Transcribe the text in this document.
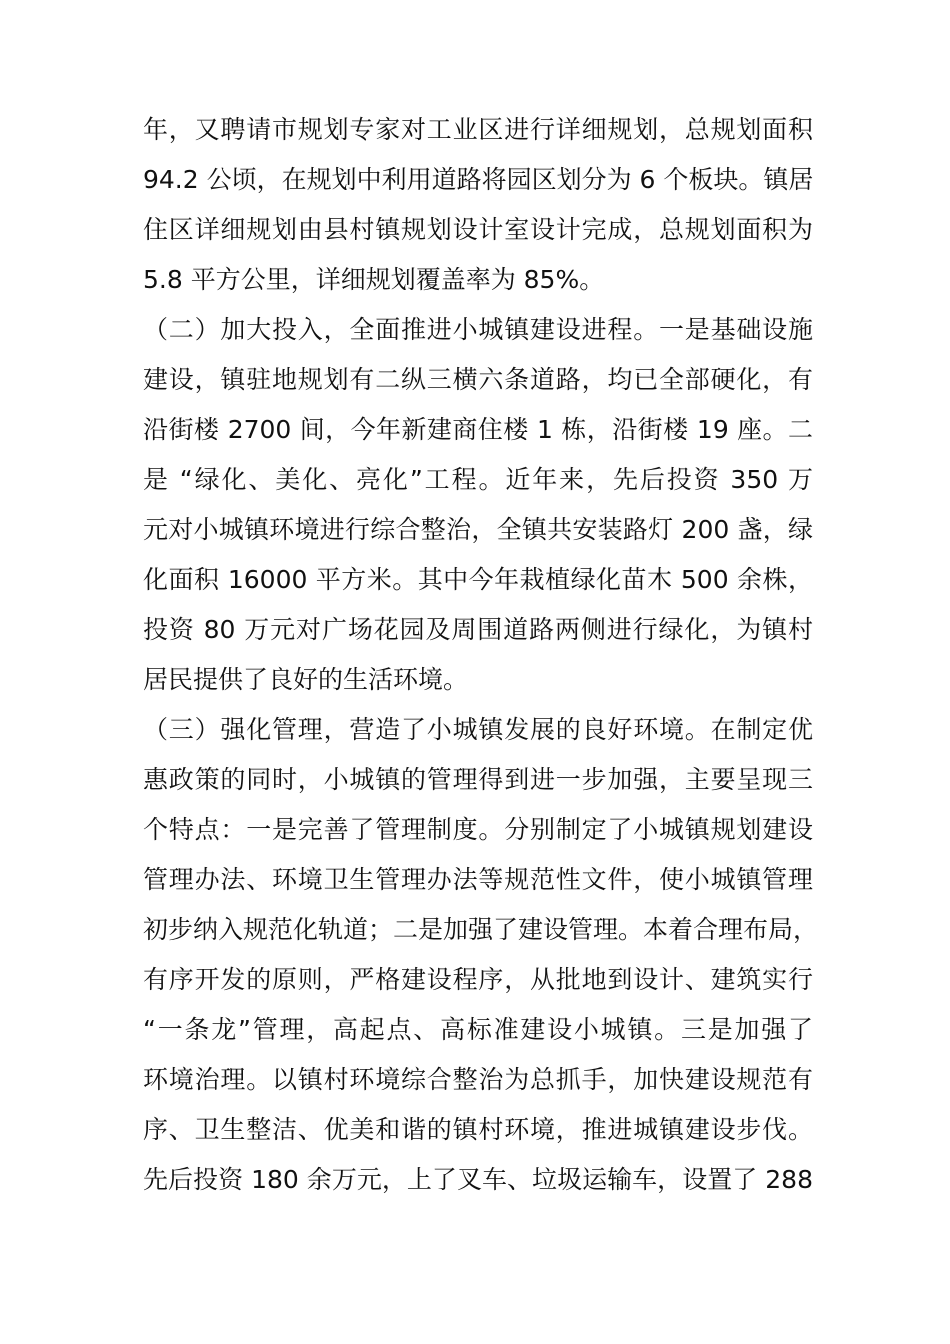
年，又聘请市规划专家对工业区进行详细规划，总规划面积
94.2 公顷，在规划中利用道路将园区划分为 6 个板块。镇居
住区详细规划由县村镇规划设计室设计完成，总规划面积为
5.8 平方公里，详细规划覆盖率为 85%。
（二）加大投入，全面推进小城镇建设进程。一是基础设施
建设，镇驻地规划有二纵三横六条道路，均已全部硬化，有
沿街楼 2700 间，今年新建商住楼 1 栋，沿街楼 19 座。二
是 “绿化、美化、亮化”工程。近年来，先后投资 350 万
元对小城镇环境进行综合整治，全镇共安装路灯 200 盏，绿
化面积 16000 平方米。其中今年栽植绿化苗木 500 余株，
投资 80 万元对广场花园及周围道路两侧进行绿化，为镇村
居民提供了良好的生活环境。
（三）强化管理，营造了小城镇发展的良好环境。在制定优
惠政策的同时，小城镇的管理得到进一步加强，主要呈现三
个特点：一是完善了管理制度。分别制定了小城镇规划建设
管理办法、环境卫生管理办法等规范性文件，使小城镇管理
初步纳入规范化轨道；二是加强了建设管理。本着合理布局，
有序开发的原则，严格建设程序，从批地到设计、建筑实行
“一条龙”管理，高起点、高标准建设小城镇。三是加强了
环境治理。以镇村环境综合整治为总抓手，加快建设规范有
序、卫生整洁、优美和谐的镇村环境，推进城镇建设步伐。
先后投资 180 余万元，上了叉车、垃圾运输车，设置了 288
